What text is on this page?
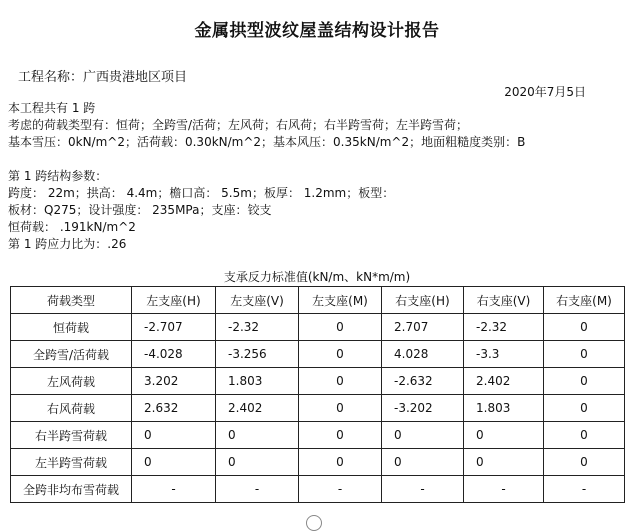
金属拱型波纹屋盖结构设计报告
工程名称：广西贵港地区项目
2020年7月5日
本工程共有 1 跨
考虑的荷载类型有：恒荷；全跨雪/活荷；左风荷；右风荷；右半跨雪荷；左半跨雪荷；
基本雪压：0kN/m^2；活荷载：0.30kN/m^2；基本风压：0.35kN/m^2；地面粗糙度类别：B
第 1 跨结构参数：
跨度： 22m；拱高： 4.4m；檐口高： 5.5m；板厚： 1.2mm；板型：
板材：Q275；设计强度： 235MPa；支座：铰支
恒荷载： .191kN/m^2
第 1 跨应力比为：.26
支承反力标准值(kN/m、kN*m/m)
荷载类型	左支座(H)	左支座(V)	左支座(M)	右支座(H)	右支座(V)	右支座(M)
恒荷载	-2.707	-2.32	0	2.707	-2.32	0
全跨雪/活荷载	-4.028	-3.256	0	4.028	-3.3	0
左风荷载	3.202	1.803	0	-2.632	2.402	0
右风荷载	2.632	2.402	0	-3.202	1.803	0
右半跨雪荷载	0	0	0	0	0	0
左半跨雪荷载	0	0	0	0	0	0
全跨非均布雪荷载	-	-	-	-	-	-
